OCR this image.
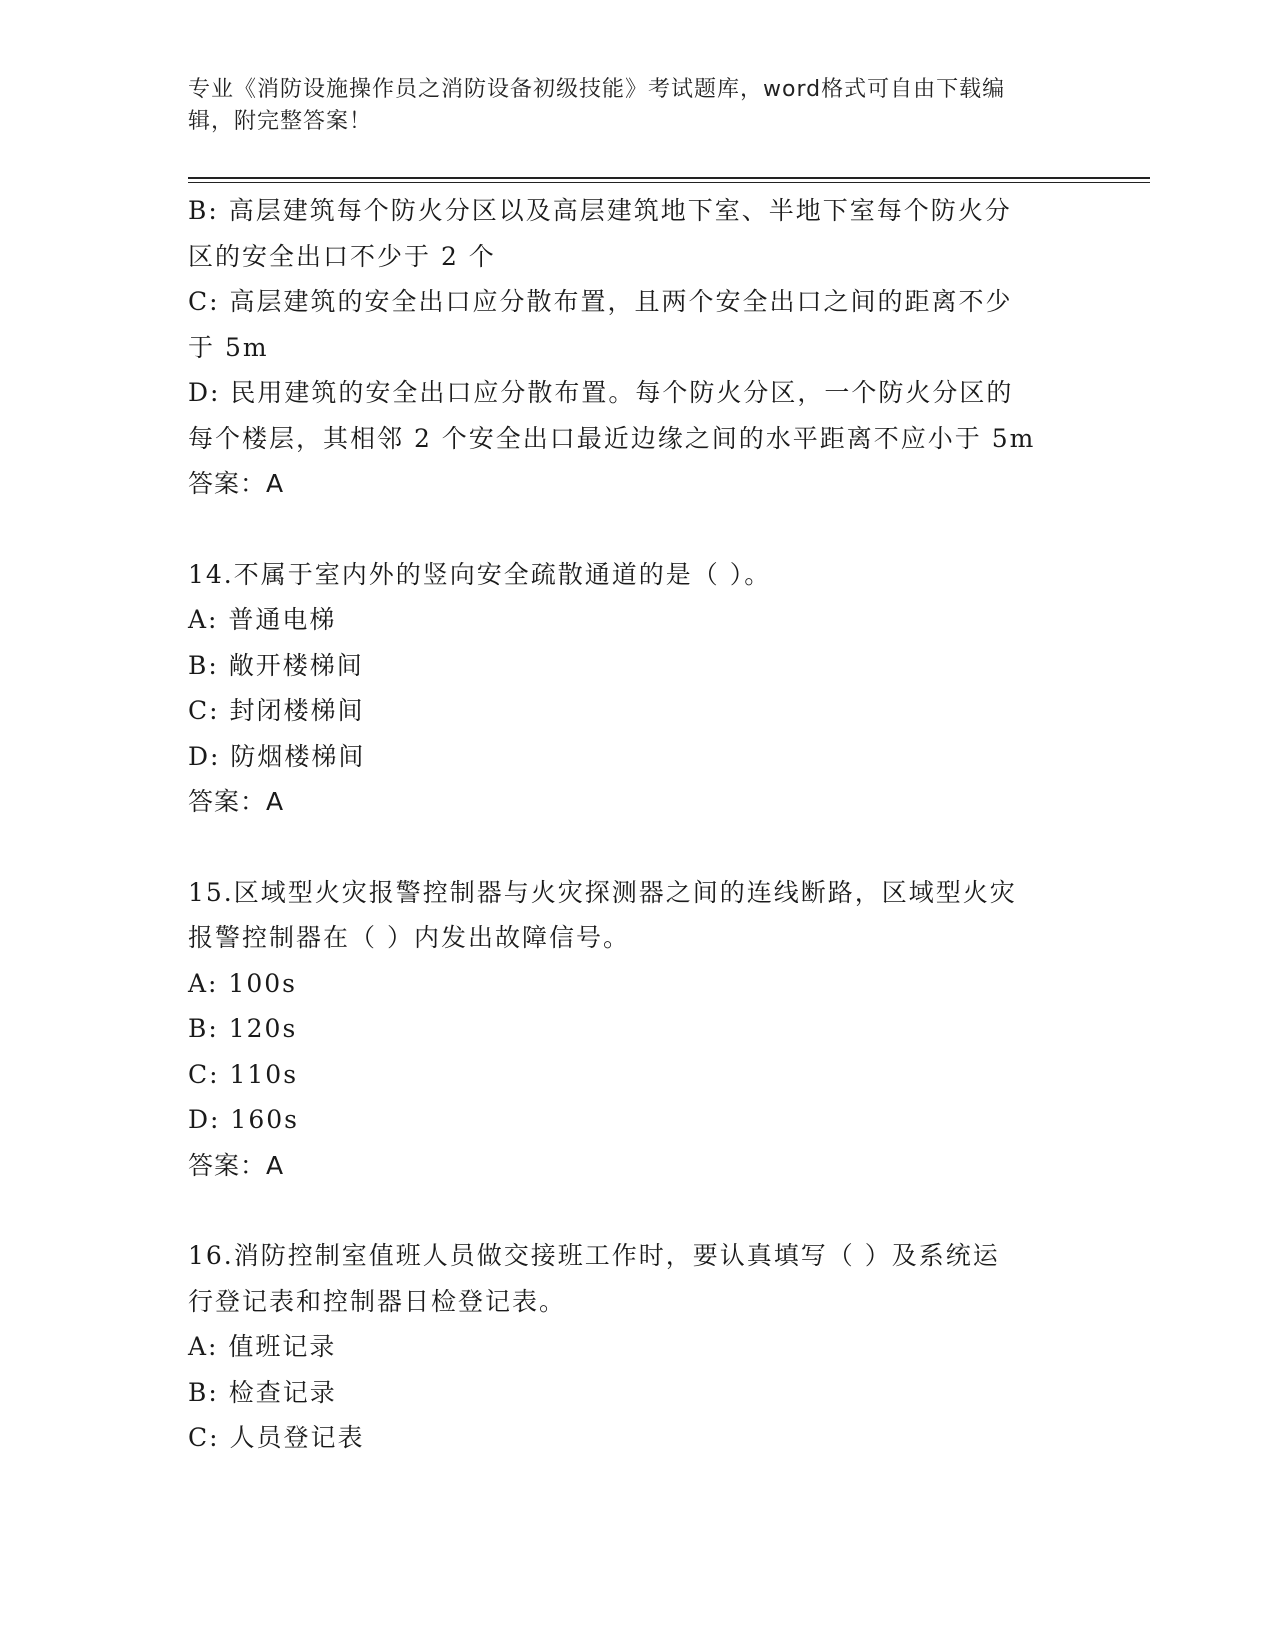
专业《消防设施操作员之消防设备初级技能》考试题库，word格式可自由下载编
辑，附完整答案！
B: 高层建筑每个防火分区以及高层建筑地下室、半地下室每个防火分
区的安全出口不少于 2 个
C: 高层建筑的安全出口应分散布置，且两个安全出口之间的距离不少
于 5m
D: 民用建筑的安全出口应分散布置。每个防火分区，一个防火分区的
每个楼层，其相邻 2 个安全出口最近边缘之间的水平距离不应小于 5m
答案：A
14.不属于室内外的竖向安全疏散通道的是（ ）。
A: 普通电梯
B: 敞开楼梯间
C: 封闭楼梯间
D: 防烟楼梯间
答案：A
15.区域型火灾报警控制器与火灾探测器之间的连线断路，区域型火灾
报警控制器在（ ）内发出故障信号。
A: 100s
B: 120s
C: 110s
D: 160s
答案：A
16.消防控制室值班人员做交接班工作时，要认真填写（ ）及系统运
行登记表和控制器日检登记表。
A: 值班记录
B: 检查记录
C: 人员登记表
